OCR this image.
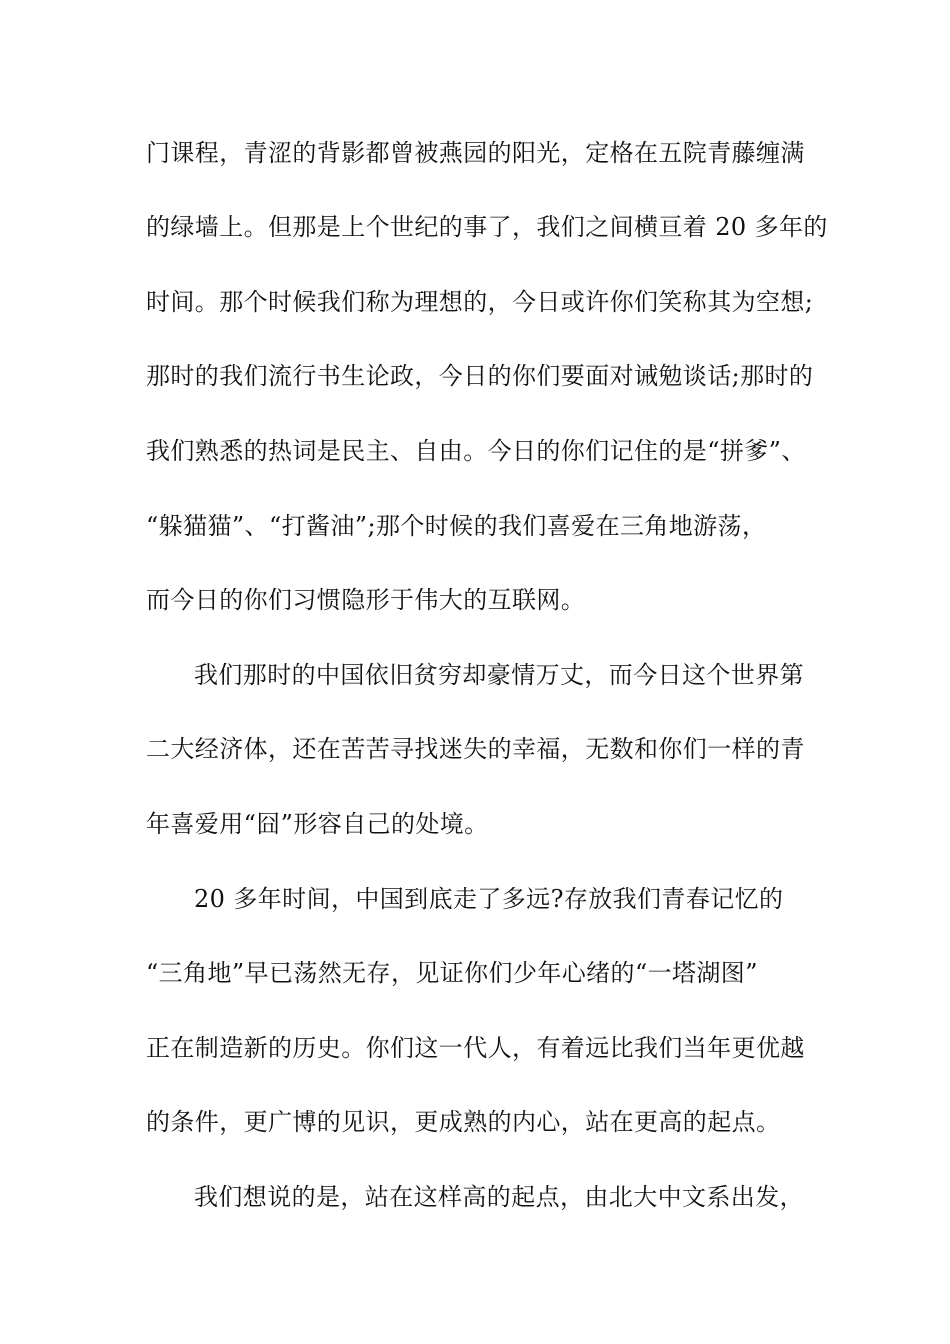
门课程，青涩的背影都曾被燕园的阳光，定格在五院青藤缠满
的绿墙上。但那是上个世纪的事了，我们之间横亘着 20 多年的
时间。那个时候我们称为理想的，今日或许你们笑称其为空想;
那时的我们流行书生论政，今日的你们要面对诫勉谈话;那时的
我们熟悉的热词是民主、自由。今日的你们记住的是“拼爹”、
“躲猫猫”、“打酱油”;那个时候的我们喜爱在三角地游荡，
而今日的你们习惯隐形于伟大的互联网。
我们那时的中国依旧贫穷却豪情万丈，而今日这个世界第
二大经济体，还在苦苦寻找迷失的幸福，无数和你们一样的青
年喜爱用“囧”形容自己的处境。
20 多年时间，中国到底走了多远?存放我们青春记忆的
“三角地”早已荡然无存，见证你们少年心绪的“一塔湖图”
正在制造新的历史。你们这一代人，有着远比我们当年更优越
的条件，更广博的见识，更成熟的内心，站在更高的起点。
我们想说的是，站在这样高的起点，由北大中文系出发，
